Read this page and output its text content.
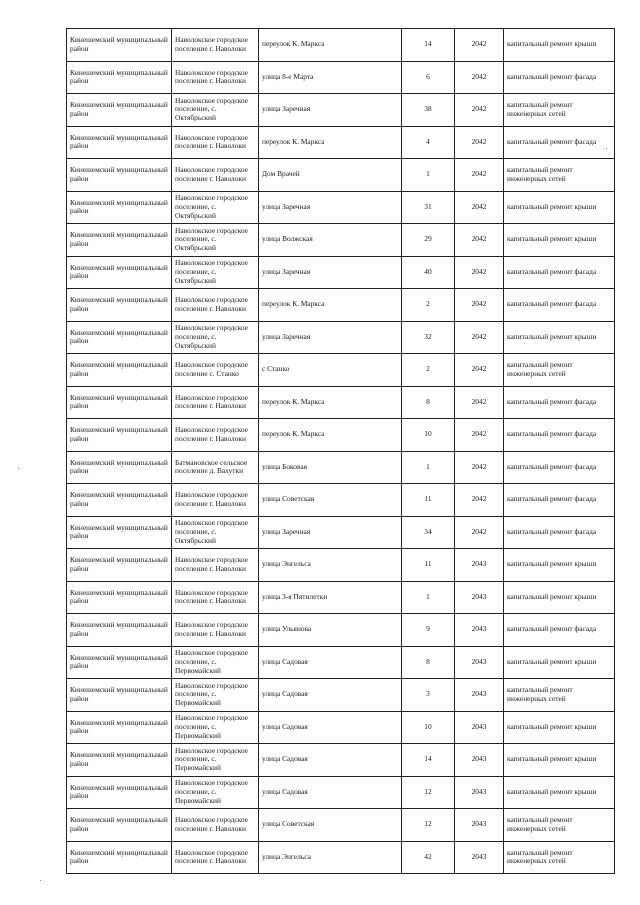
Кинешемский муниципальный район	Наволокское городское поселение г. Наволоки	переулок К. Маркса	14	2042	капитальный ремонт крыши
Кинешемский муниципальный район	Наволокское городское поселение г. Наволоки	улица 8-е Марта	6	2042	капитальный ремонт фасада
Кинешемский муниципальный район	Наволокское городское поселение, с. Октябрьский	улица Заречная	38	2042	капитальный ремонт инженерных сетей
Кинешемский муниципальный район	Наволокское городское поселение г. Наволоки	переулок К. Маркса	4	2042	капитальный ремонт фасада
Кинешемский муниципальный район	Наволокское городское поселение г. Наволоки	Дом Врачей	1	2042	капитальный ремонт инженерных сетей
Кинешемский муниципальный район	Наволокское городское поселение, с. Октябрьский	улица Заречная	31	2042	капитальный ремонт крыши
Кинешемский муниципальный район	Наволокское городское поселение, с. Октябрьский	улица Волжская	29	2042	капитальный ремонт крыши
Кинешемский муниципальный район	Наволокское городское поселение, с. Октябрьский	улица Заречная	40	2042	капитальный ремонт фасада
Кинешемский муниципальный район	Наволокское городское поселение г. Наволоки	переулок К. Маркса	2	2042	капитальный ремонт фасада
Кинешемский муниципальный район	Наволокское городское поселение, с. Октябрьский	улица Заречная	32	2042	капитальный ремонт крыши
Кинешемский муниципальный район	Наволокское городское поселение с. Станко	с Станко	2	2042	капитальный ремонт инженерных сетей
Кинешемский муниципальный район	Наволокское городское поселение г. Наволоки	переулок К. Маркса	8	2042	капитальный ремонт фасада
Кинешемский муниципальный район	Наволокское городское поселение г. Наволоки	переулок К. Маркса	10	2042	капитальный ремонт фасада
Кинешемский муниципальный район	Батмановское сельское поселение д. Вахутки	улица Боковая	1	2042	капитальный ремонт фасада
Кинешемский муниципальный район	Наволокское городское поселение г. Наволоки	улица Советская	11	2042	капитальный ремонт фасада
Кинешемский муниципальный район	Наволокское городское поселение, с. Октябрьский	улица Заречная	34	2042	капитальный ремонт фасада
Кинешемский муниципальный район	Наволокское городское поселение г. Наволоки	улица Энгельса	11	2043	капитальный ремонт крыши
Кинешемский муниципальный район	Наволокское городское поселение г. Наволоки	улица 3-я Пятилетки	1	2043	капитальный ремонт крыши
Кинешемский муниципальный район	Наволокское городское поселение г. Наволоки	улица Ульянова	9	2043	капитальный ремонт фасада
Кинешемский муниципальный район	Наволокское городское поселение, с. Первомайский	улица Садовая	8	2043	капитальный ремонт крыши
Кинешемский муниципальный район	Наволокское городское поселение, с. Первомайский	улица Садовая	3	2043	капитальный ремонт инженерных сетей
Кинешемский муниципальный район	Наволокское городское поселение, с. Первомайский	улица Садовая	10	2043	капитальный ремонт крыши
Кинешемский муниципальный район	Наволокское городское поселение, с. Первомайский	улица Садовая	14	2043	капитальный ремонт крыши
Кинешемский муниципальный район	Наволокское городское поселение, с. Первомайский	улица Садовая	12	2043	капитальный ремонт крыши
Кинешемский муниципальный район	Наволокское городское поселение г. Наволоки	улица Советская	12	2043	капитальный ремонт инженерных сетей
Кинешемский муниципальный район	Наволокское городское поселение г. Наволоки	улица Энгельса	42	2043	капитальный ремонт инженерных сетей
